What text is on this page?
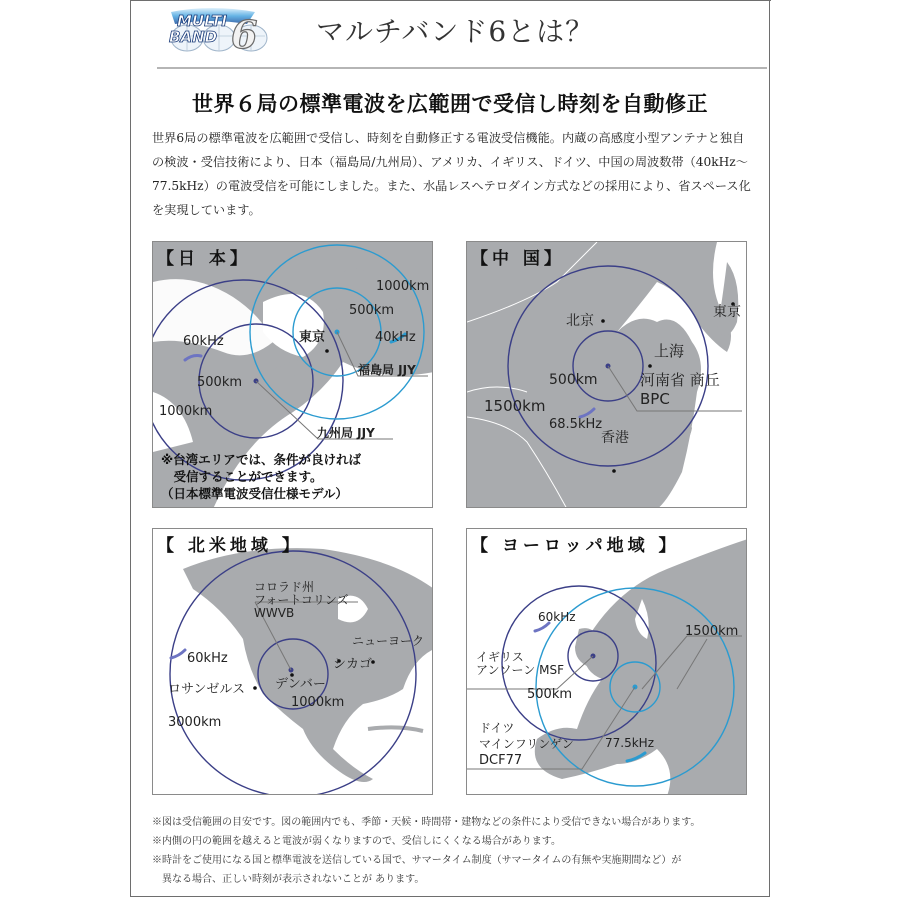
MULTI
BAND 6 マルチバンド6とは？
世界６局の標準電波を広範囲で受信し時刻を自動修正
世界6局の標準電波を広範囲で受信し、時刻を自動修正する電波受信機能。内蔵の高感度小型アンテナと独自の検波・受信技術により、日本（福島局/九州局）、アメリカ、イギリス、ドイツ、中国の周波数帯（40kHz〜77.5kHz）の電波受信を可能にしました。また、水晶レスヘテロダイン方式などの採用により、省スペース化を実現しています。
【日 本】
1000km
500km
40kHz
60kHz	東京
福島局 JJY
500km
1000km
九州局 JJY
※台湾エリアでは、条件が良ければ
　受信することができます。
（日本標準電波受信仕様モデル）
【中 国】
東京
北京
上海
河南省 商丘
BPC
500km
1500km
68.5kHz
香港
【 北米地域 】
コロラド州
フォートコリンズ
WWVB
ニューヨーク
60kHz	シカゴ
ロサンゼルス デンバー
1000km
3000km
【 ヨーロッパ地域 】
60kHz
1500km
イギリス
アンソーン MSF
500km
ドイツ
マインフリンゲン
DCF77
77.5kHz
※図は受信範囲の目安です。図の範囲内でも、季節・天候・時間帯・建物などの条件により受信できない場合があります。
※内側の円の範囲を越えると電波が弱くなりますので、受信しにくくなる場合があります。
※時計をご使用になる国と標準電波を送信している国で、サマータイム制度（サマータイムの有無や実施期間など）が
異なる場合、正しい時刻が表示されないことが あります。
